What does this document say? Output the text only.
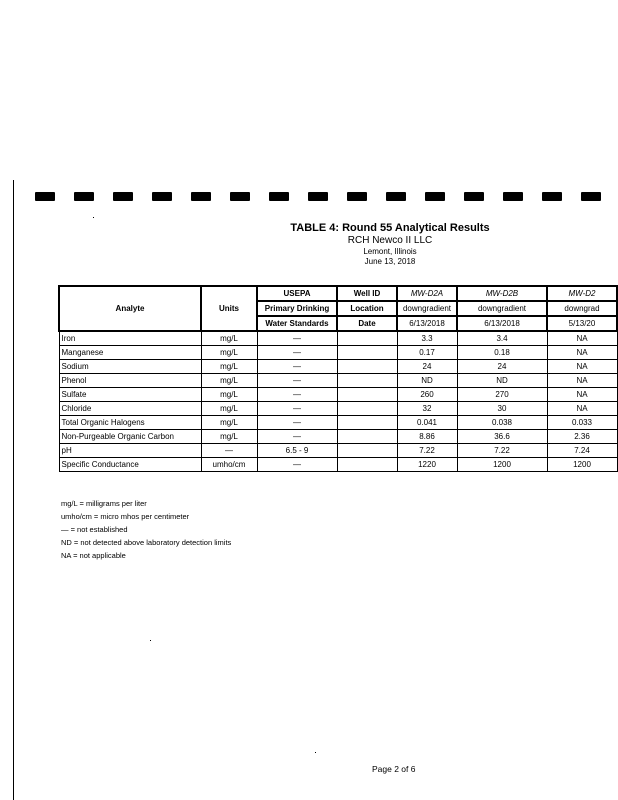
TABLE 4: Round 55 Analytical Results
RCH Newco II LLC
Lemont, Illinois
June 13, 2018
Analyte	Units	USEPA	Well ID	MW-D2A	MW-D2B	MW-D2
		Primary Drinking	Location	downgradient	downgradient	downgrad
		Water Standards	Date	6/13/2018	6/13/2018	5/13/20
Iron	mg/L	—		3.3	3.4	NA
Manganese	mg/L	—		0.17	0.18	NA
Sodium	mg/L	—		24	24	NA
Phenol	mg/L	—		ND	ND	NA
Sulfate	mg/L	—		260	270	NA
Chloride	mg/L	—		32	30	NA
Total Organic Halogens	mg/L	—		0.041	0.038	0.033
Non-Purgeable Organic Carbon	mg/L	—		8.86	36.6	2.36
pH	—	6.5 - 9		7.22	7.22	7.24
Specific Conductance	umho/cm	—		1220	1200	1200
mg/L = milligrams per liter
umho/cm = micro mhos per centimeter
— = not established
ND = not detected above laboratory detection limits
NA = not applicable
Page 2 of 6
